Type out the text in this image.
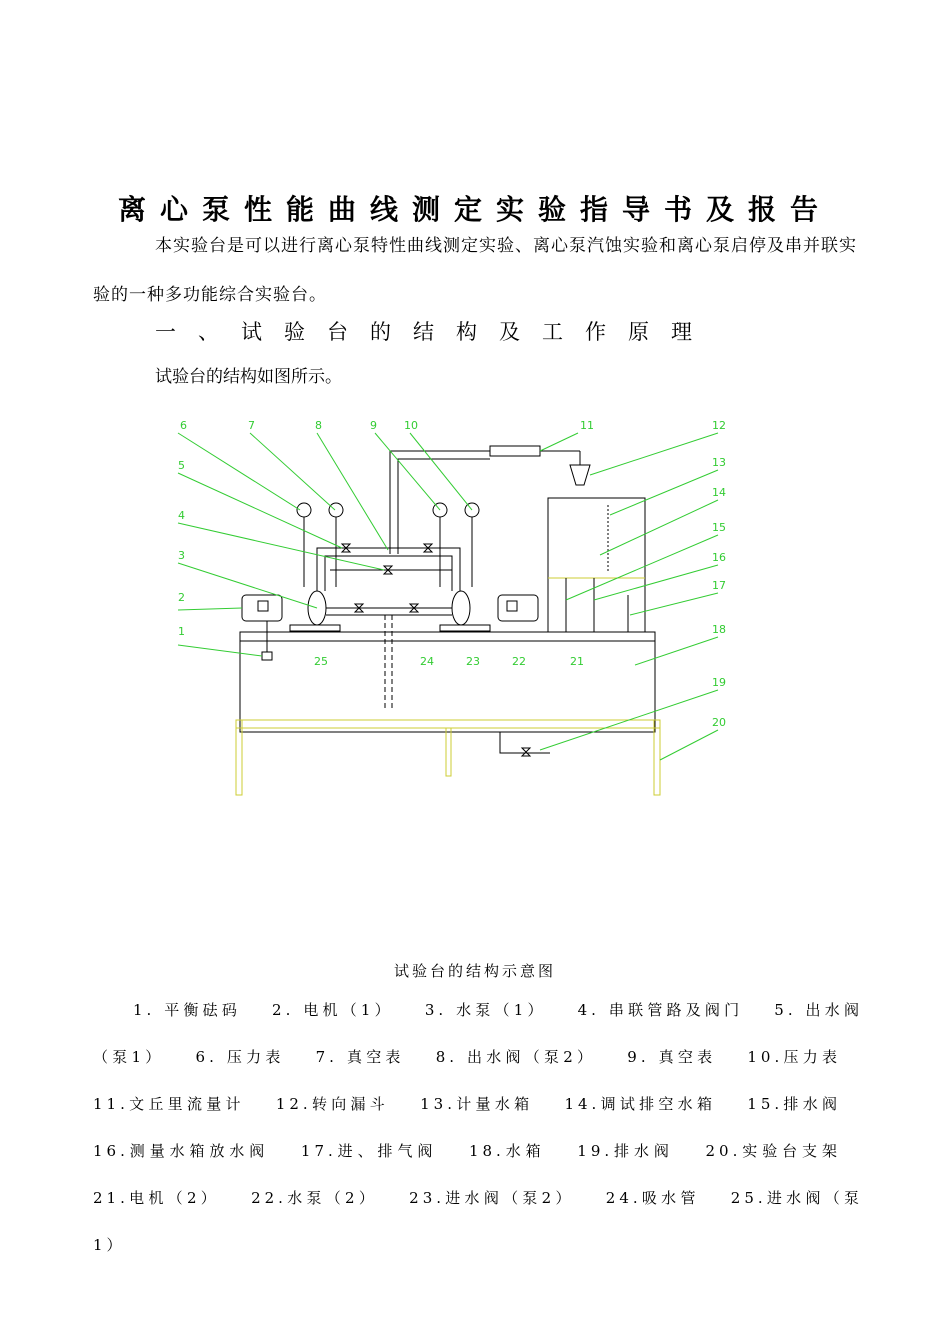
离心泵性能曲线测定实验指导书及报告
本实验台是可以进行离心泵特性曲线测定实验、离心泵汽蚀实验和离心泵启停及串并联实验的一种多功能综合实验台。
一、试验台的结构及工作原理
试验台的结构如图所示。
6	7	8	9 10	11	12
13
14
15
16
17
18
19
20
5
4
3
2
1
25	24	23	22	21
试验台的结构示意图
1. 平衡砝码 2. 电机（1） 3. 水泵（1） 4. 串联管路及阀门 5. 出水阀（泵1） 6. 压力表 7. 真空表 8. 出水阀（泵2） 9. 真空表 10.压力表 11.文丘里流量计 12.转向漏斗 13.计量水箱 14.调试排空水箱 15.排水阀 16.测量水箱放水阀 17.进、排气阀 18.水箱 19.排水阀 20.实验台支架 21.电机（2） 22.水泵（2） 23.进水阀（泵2） 24.吸水管 25.进水阀（泵1）
